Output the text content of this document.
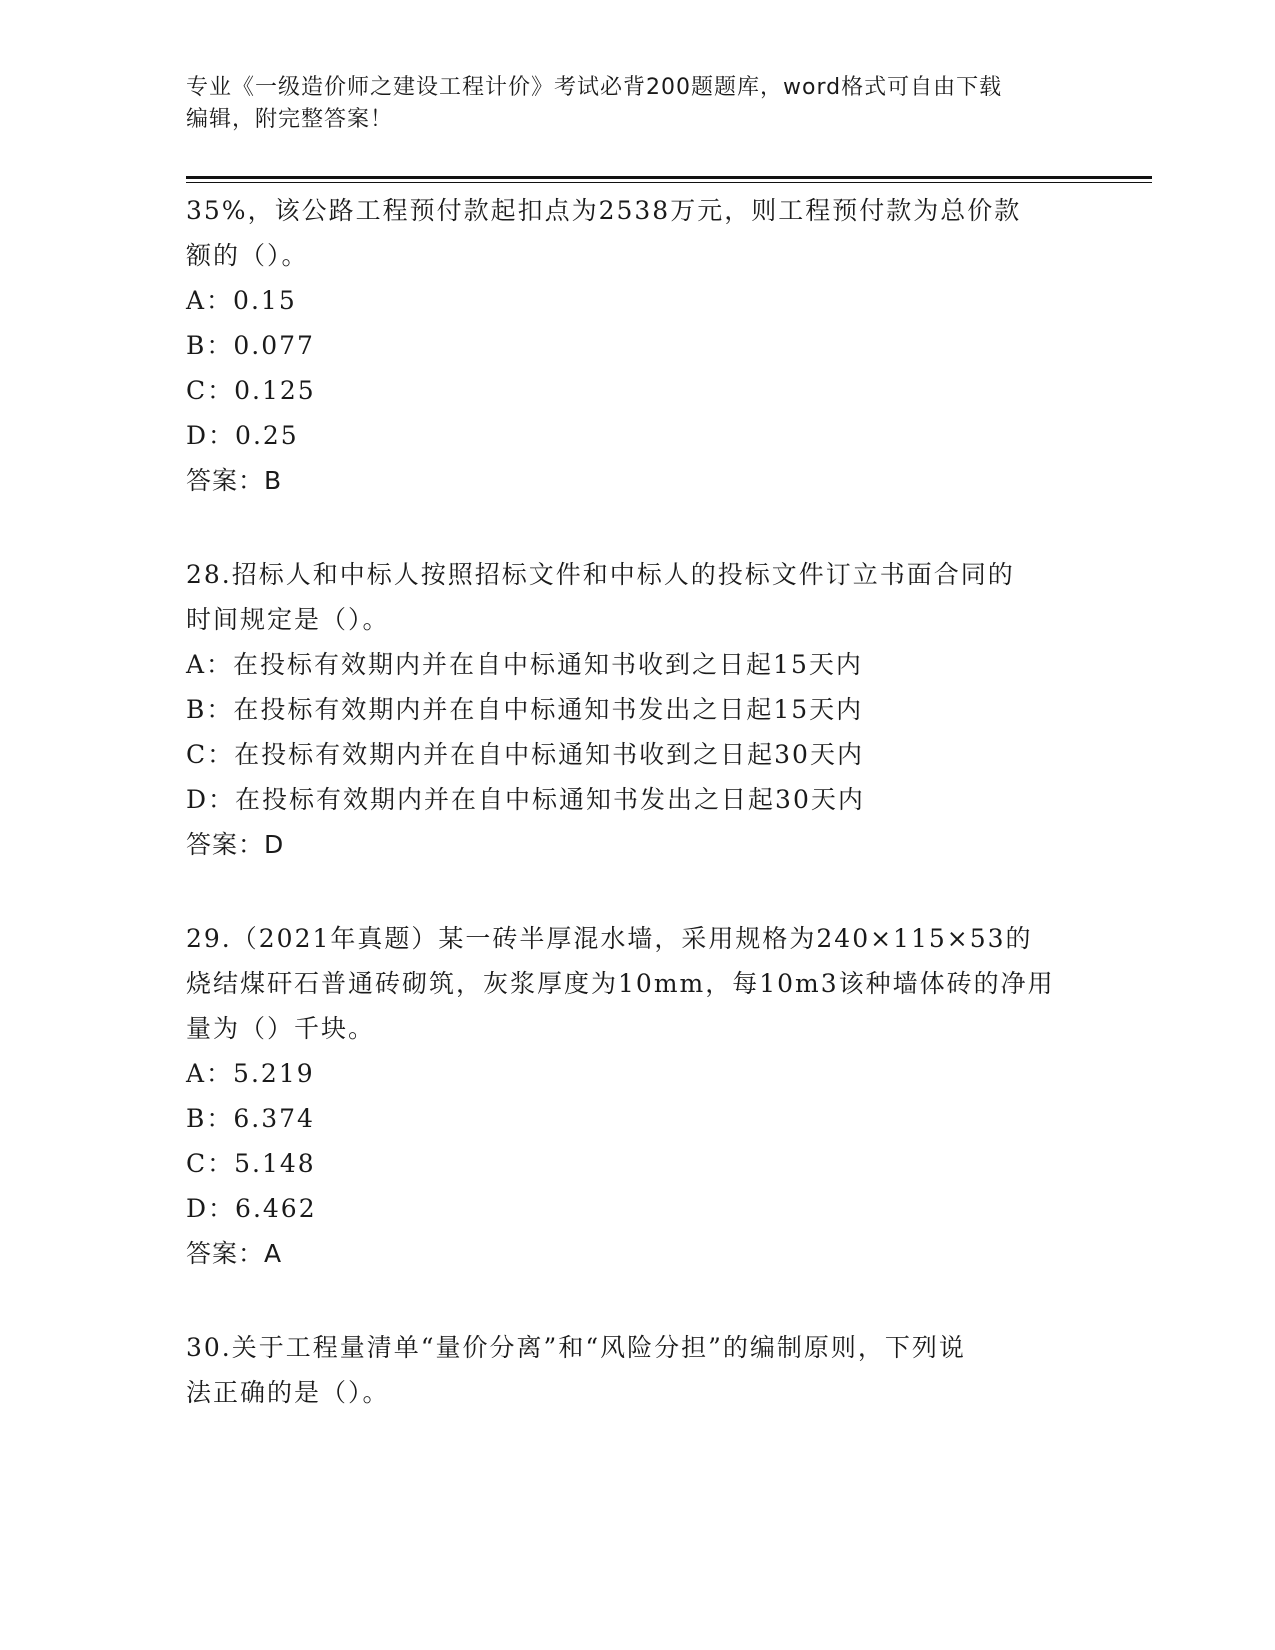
专业《一级造价师之建设工程计价》考试必背200题题库，word格式可自由下载
编辑，附完整答案！
35%，该公路工程预付款起扣点为2538万元，则工程预付款为总价款
额的（）。
A：0.15
B：0.077
C：0.125
D：0.25
答案：B
28.招标人和中标人按照招标文件和中标人的投标文件订立书面合同的
时间规定是（）。
A：在投标有效期内并在自中标通知书收到之日起15天内
B：在投标有效期内并在自中标通知书发出之日起15天内
C：在投标有效期内并在自中标通知书收到之日起30天内
D：在投标有效期内并在自中标通知书发出之日起30天内
答案：D
29.（2021年真题）某一砖半厚混水墙，采用规格为240×115×53的
烧结煤矸石普通砖砌筑，灰浆厚度为10mm，每10m3该种墙体砖的净用
量为（）千块。
A：5.219
B：6.374
C：5.148
D：6.462
答案：A
30.关于工程量清单“量价分离”和“风险分担”的编制原则，下列说
法正确的是（）。
